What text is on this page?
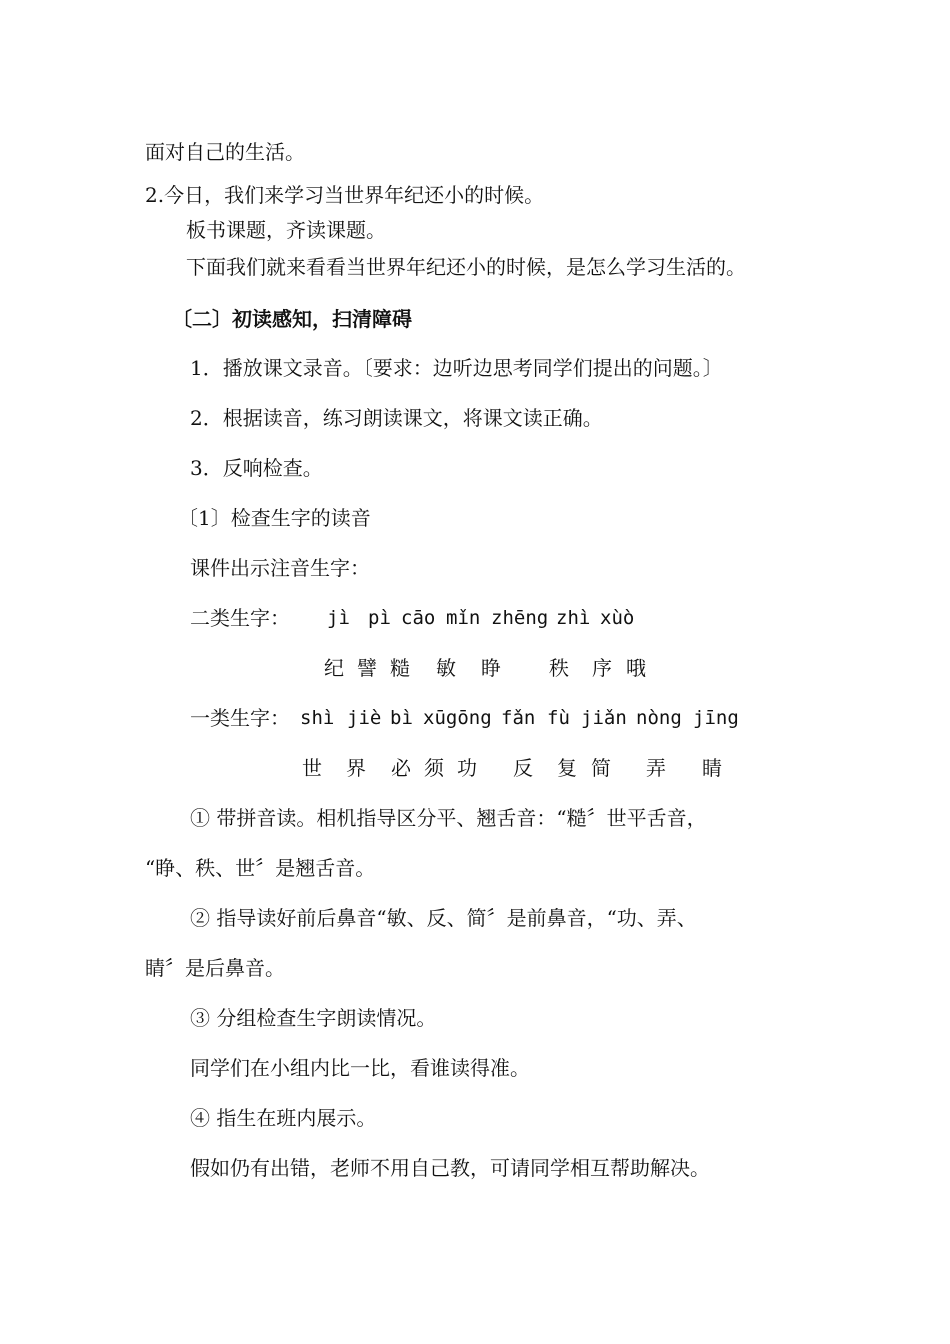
面对自己的生活。
2.今日，我们来学习当世界年纪还小的时候。
板书课题，齐读课题。
下面我们就来看看当世界年纪还小的时候，是怎么学习生活的。
〔二〕初读感知，扫清障碍
1．播放课文录音。〔要求：边听边思考同学们提出的问题。〕
2．根据读音，练习朗读课文，将课文读正确。
3．反响检查。
〔1〕检查生字的读音
课件出示注音生字：
二类生字： jì pì cāo mǐn zhēng zhì xùò
纪 譬 糙 敏 睁 秩 序 哦
一类生字： shì jiè bì xūgōng fǎn fù jiǎn nòng jīng
世 界 必 须 功 反 复 简 弄 睛
① 带拼音读。相机指导区分平、翘舌音：“糙〞世平舌音，
“睁、秩、世〞是翘舌音。
② 指导读好前后鼻音“敏、反、简〞是前鼻音，“功、弄、
睛〞是后鼻音。
③ 分组检查生字朗读情况。
同学们在小组内比一比，看谁读得准。
④ 指生在班内展示。
假如仍有出错，老师不用自己教，可请同学相互帮助解决。
